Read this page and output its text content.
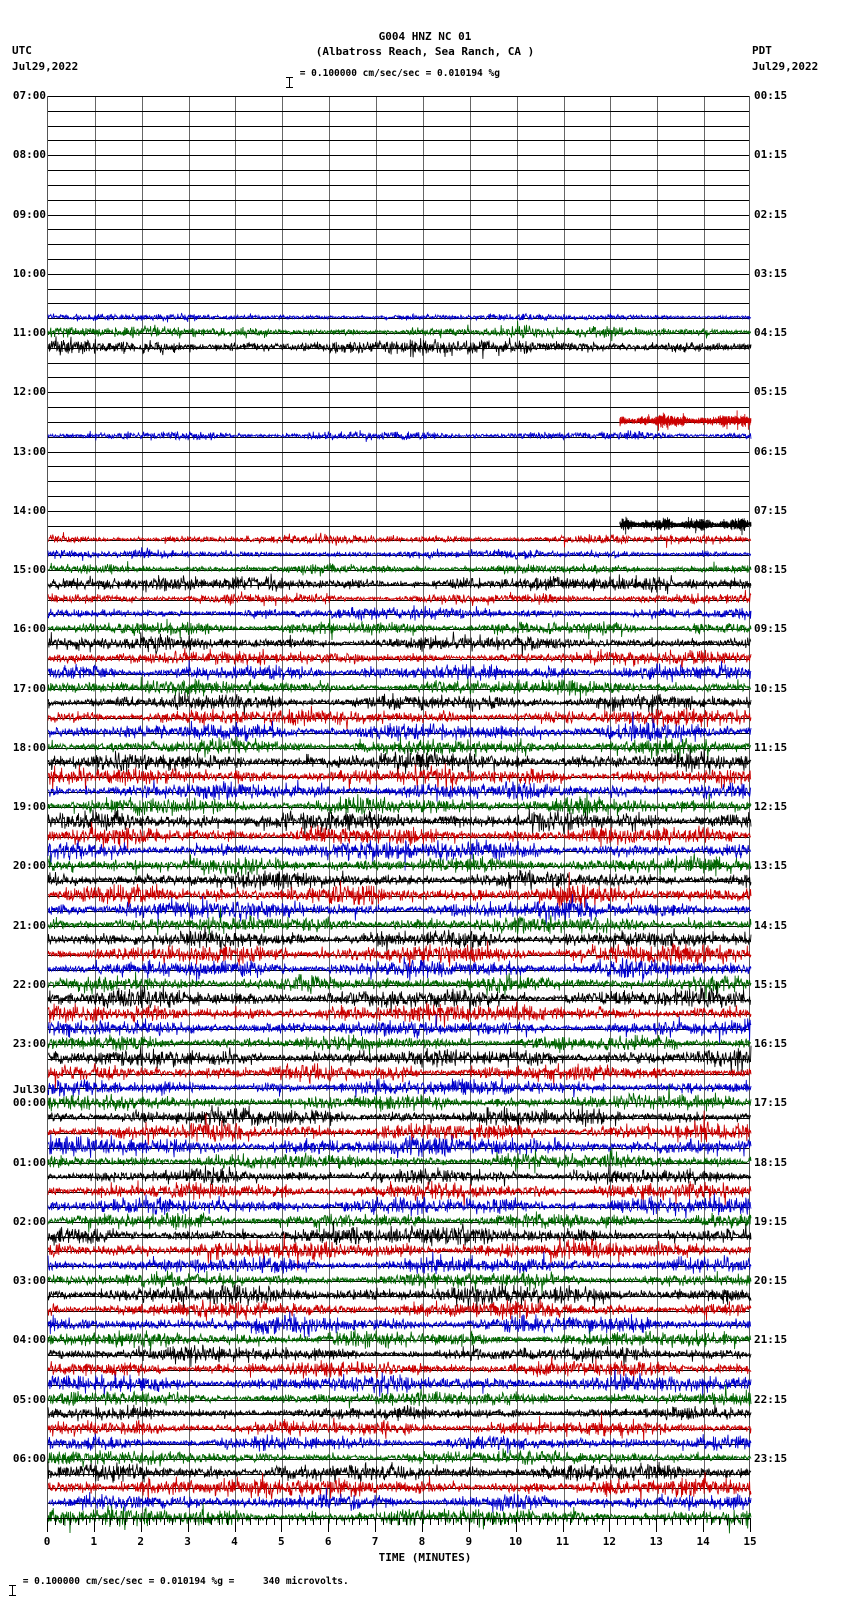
G004 HNZ NC 01
(Albatross Reach, Sea Ranch, CA )
UTC
Jul29,2022
PDT
Jul29,2022
= 0.100000 cm/sec/sec = 0.010194 %g
07:00
08:00
09:00
10:00
11:00
12:00
13:00
14:00
15:00
16:00
17:00
18:00
19:00
20:00
21:00
22:00
23:00
00:00
Jul30
01:00
02:00
03:00
04:00
05:00
06:00
00:15
01:15
02:15
03:15
04:15
05:15
06:15
07:15
08:15
09:15
10:15
11:15
12:15
13:15
14:15
15:15
16:15
17:15
18:15
19:15
20:15
21:15
22:15
23:15
0	1	2	3	4	5	6	7	8	9	10	11	12	13	14	15
TIME (MINUTES)
= 0.100000 cm/sec/sec = 0.010194 %g =     340 microvolts.
